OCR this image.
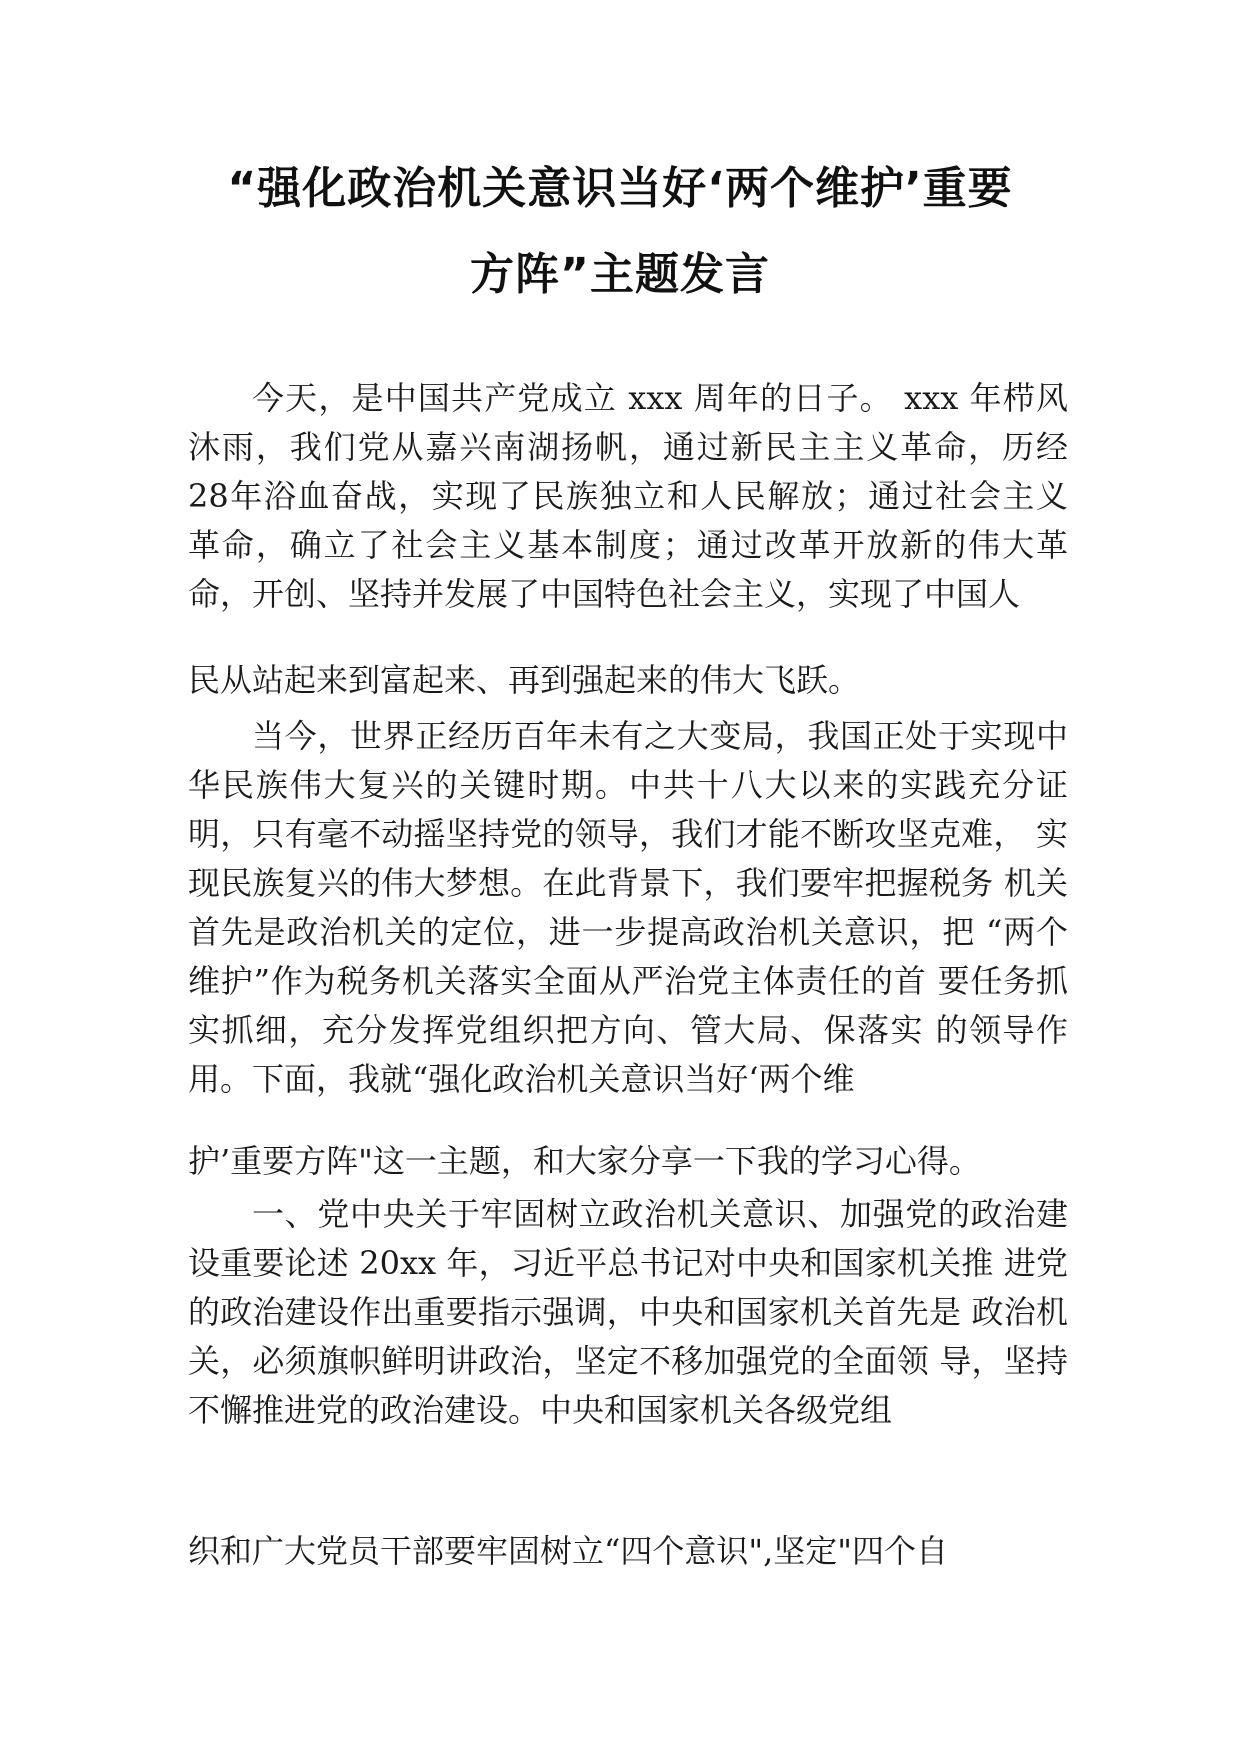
“强化政治机关意识当好‘两个维护’重要
方阵”主题发言

今天，是中国共产党成立 xxx 周年的日子。 xxx 年栉风 沐雨，我们党从嘉兴南湖扬帆，通过新民主主义革命，历经 28年浴血奋战，实现了民族独立和人民解放；通过社会主义 革命，确立了社会主义基本制度；通过改革开放新的伟大革 命，开创、坚持并发展了中国特色社会主义，实现了中国人

民从站起来到富起来、再到强起来的伟大飞跃。

当今，世界正经历百年未有之大变局，我国正处于实现中华民族伟大复兴的关键时期。中共十八大以来的实践充分证明，只有毫不动摇坚持党的领导，我们才能不断攻坚克难， 实现民族复兴的伟大梦想。在此背景下，我们要牢把握税务 机关首先是政治机关的定位，进一步提高政治机关意识，把 “两个维护”作为税务机关落实全面从严治党主体责任的首 要任务抓实抓细，充分发挥党组织把方向、管大局、保落实 的领导作用。下面，我就“强化政治机关意识当好‘两个维

护’重要方阵"这一主题，和大家分享一下我的学习心得。

一、党中央关于牢固树立政治机关意识、加强党的政治建设重要论述 20xx 年，习近平总书记对中央和国家机关推 进党的政治建设作出重要指示强调，中央和国家机关首先是 政治机关，必须旗帜鲜明讲政治，坚定不移加强党的全面领 导，坚持不懈推进党的政治建设。中央和国家机关各级党组

织和广大党员干部要牢固树立“四个意识",坚定"四个自
